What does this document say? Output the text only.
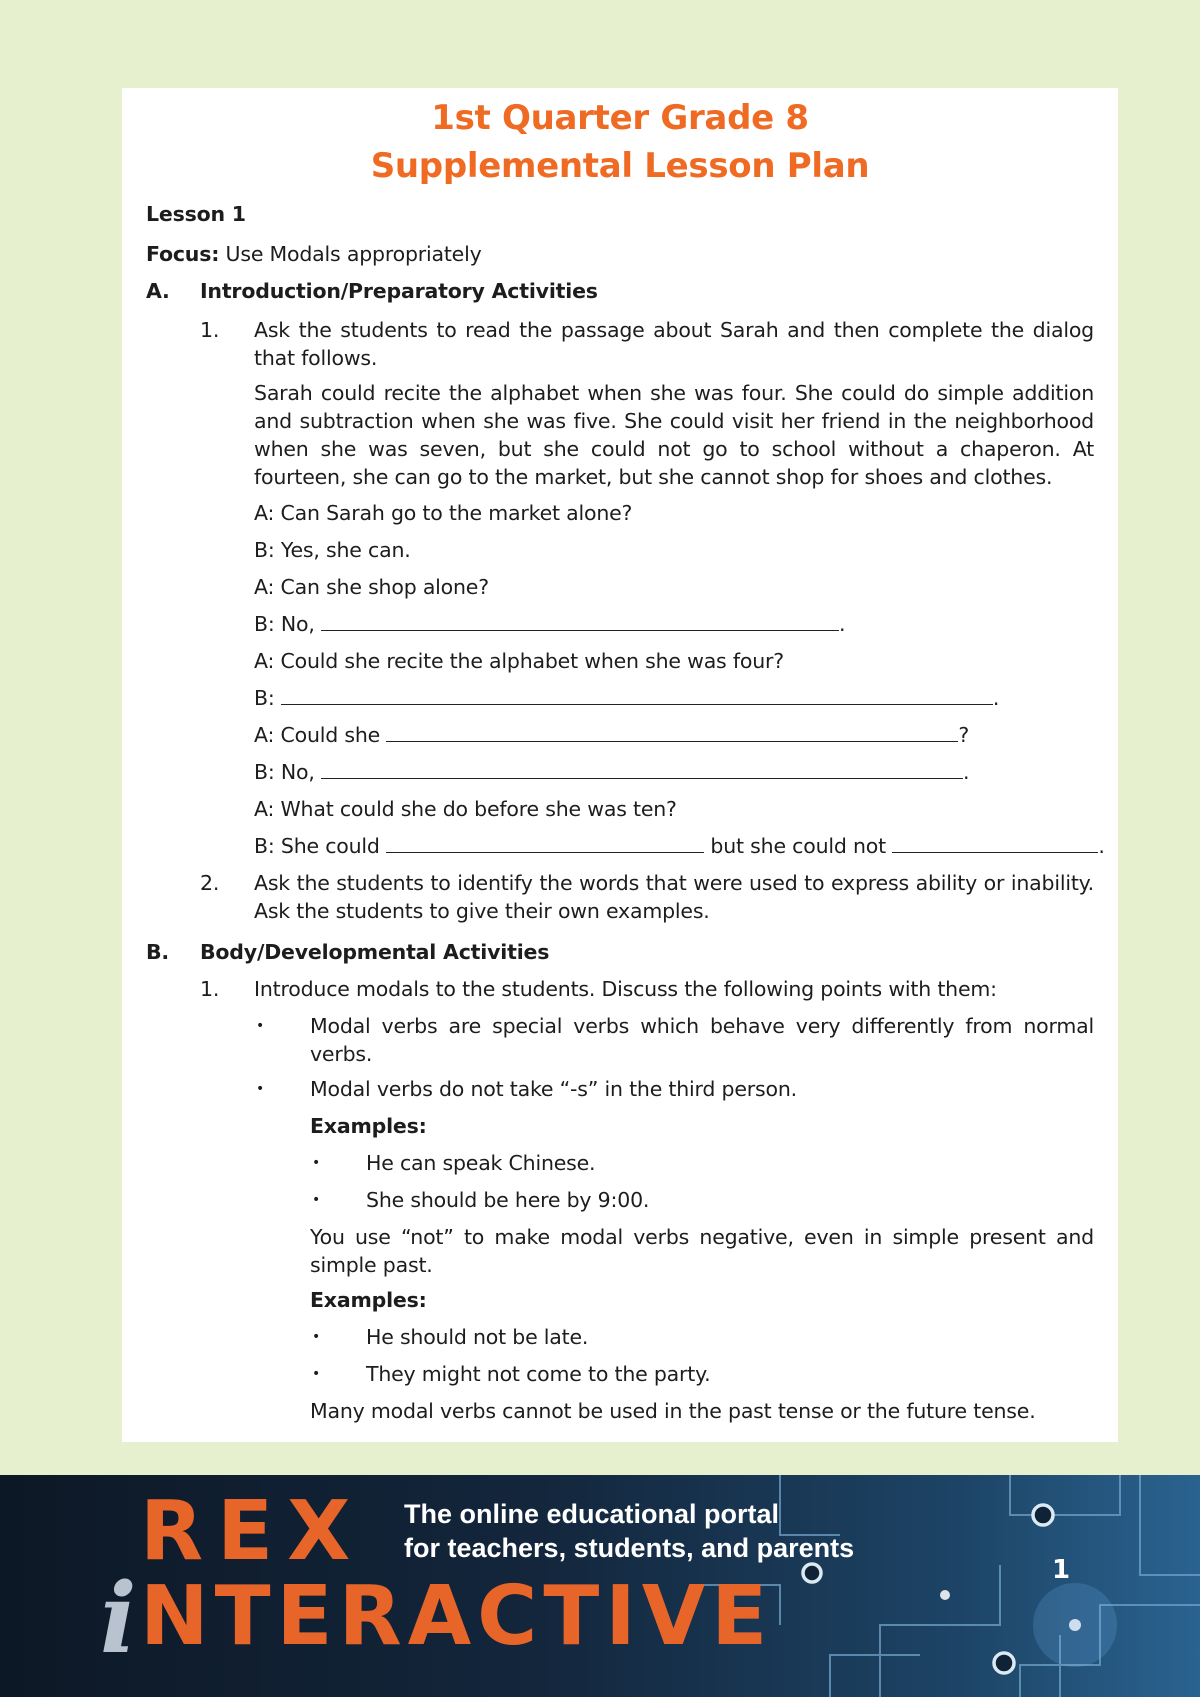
1st Quarter Grade 8
Supplemental Lesson Plan
Lesson 1
Focus: Use Modals appropriately
A. Introduction/Preparatory Activities
1. Ask the students to read the passage about Sarah and then complete the dialog that follows.
Sarah could recite the alphabet when she was four. She could do simple addition and subtraction when she was five. She could visit her friend in the neighborhood when she was seven, but she could not go to school without a chaperon. At fourteen, she can go to the market, but she cannot shop for shoes and clothes.
A: Can Sarah go to the market alone?
B: Yes, she can.
A: Can she shop alone?
B: No,	.
A: Could she recite the alphabet when she was four?
B:	.
A: Could she	?
B: No,	.
A: What could she do before she was ten?
B: She could	but she could not	.
2. Ask the students to identify the words that were used to express ability or inability. Ask the students to give their own examples.
B. Body/Developmental Activities
1. Introduce modals to the students. Discuss the following points with them:
• Modal verbs are special verbs which behave very differently from normal verbs.
• Modal verbs do not take “-s” in the third person.
Examples:
• He can speak Chinese.
• She should be here by 9:00.
You use “not” to make modal verbs negative, even in simple present and simple past.
Examples:
• He should not be late.
• They might not come to the party.
Many modal verbs cannot be used in the past tense or the future tense.
REX
i NTERACTIVE
The online educational portal
for teachers, students, and parents
1
